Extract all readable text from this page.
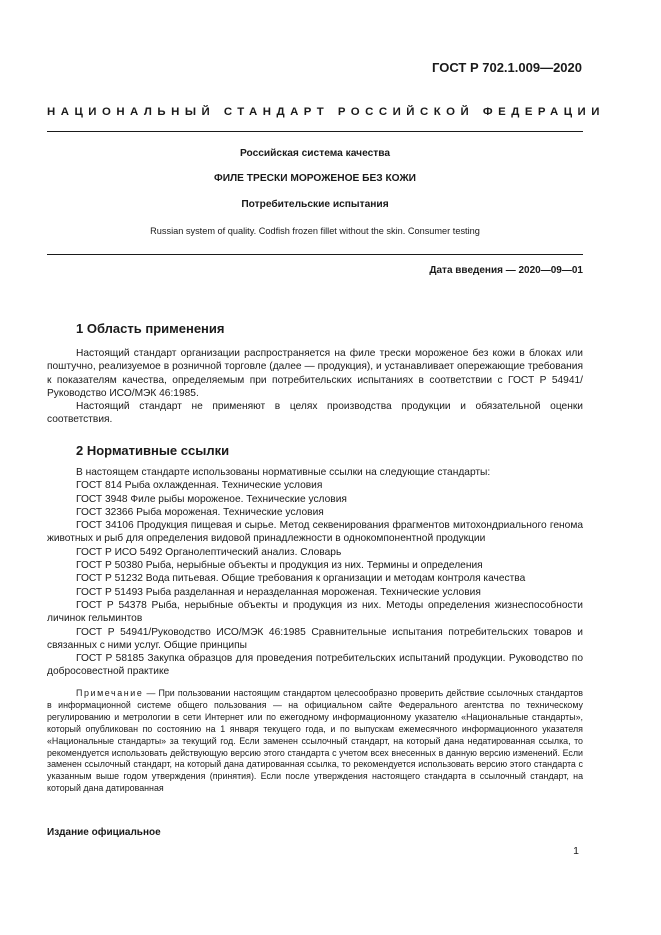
ГОСТ Р 702.1.009—2020
НАЦИОНАЛЬНЫЙ СТАНДАРТ РОССИЙСКОЙ ФЕДЕРАЦИИ
Российская система качества
ФИЛЕ ТРЕСКИ МОРОЖЕНОЕ БЕЗ КОЖИ
Потребительские испытания
Russian system of quality. Codfish frozen fillet without the skin. Consumer testing
Дата введения — 2020—09—01
1 Область применения

Настоящий стандарт организации распространяется на филе трески мороженое без кожи в блоках или поштучно, реализуемое в розничной торговле (далее — продукция), и устанавливает опережающие требования к показателям качества, определяемым при потребительских испытаниях в соответствии с ГОСТ Р 54941/Руководство ИСО/МЭК 46:1985.

Настоящий стандарт не применяют в целях производства продукции и обязательной оценки соответствия.

2 Нормативные ссылки

В настоящем стандарте использованы нормативные ссылки на следующие стандарты:

ГОСТ 814 Рыба охлажденная. Технические условия

ГОСТ 3948 Филе рыбы мороженое. Технические условия

ГОСТ 32366 Рыба мороженая. Технические условия

ГОСТ 34106 Продукция пищевая и сырье. Метод секвенирования фрагментов митохондриального генома животных и рыб для определения видовой принадлежности в однокомпонентной продукции

ГОСТ Р ИСО 5492 Органолептический анализ. Словарь

ГОСТ Р 50380 Рыба, нерыбные объекты и продукция из них. Термины и определения

ГОСТ Р 51232 Вода питьевая. Общие требования к организации и методам контроля качества

ГОСТ Р 51493 Рыба разделанная и неразделанная мороженая. Технические условия

ГОСТ Р 54378 Рыба, нерыбные объекты и продукция из них. Методы определения жизнеспособности личинок гельминтов

ГОСТ Р 54941/Руководство ИСО/МЭК 46:1985 Сравнительные испытания потребительских товаров и связанных с ними услуг. Общие принципы

ГОСТ Р 58185 Закупка образцов для проведения потребительских испытаний продукции. Руководство по добросовестной практике

Примечание — При пользовании настоящим стандартом целесообразно проверить действие ссылочных стандартов в информационной системе общего пользования — на официальном сайте Федерального агентства по техническому регулированию и метрологии в сети Интернет или по ежегодному информационному указателю «Национальные стандарты», который опубликован по состоянию на 1 января текущего года, и по выпускам ежемесячного информационного указателя «Национальные стандарты» за текущий год. Если заменен ссылочный стандарт, на который дана недатированная ссылка, то рекомендуется использовать действующую версию этого стандарта с учетом всех внесенных в данную версию изменений. Если заменен ссылочный стандарт, на который дана датированная ссылка, то рекомендуется использовать версию этого стандарта с указанным выше годом утверждения (принятия). Если после утверждения настоящего стандарта в ссылочный стандарт, на который дана датированная

Издание официальное
1
